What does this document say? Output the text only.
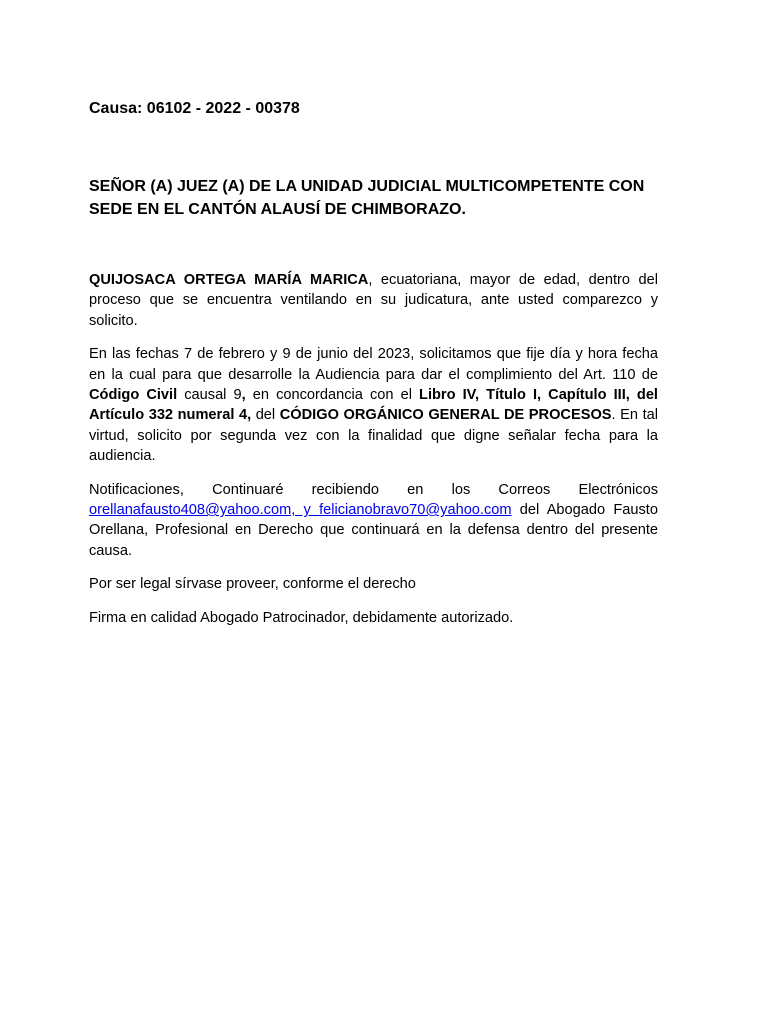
Causa: 06102 - 2022 - 00378

SEÑOR (A) JUEZ (A) DE LA UNIDAD JUDICIAL MULTICOMPETENTE CON SEDE EN EL CANTÓN ALAUSÍ DE CHIMBORAZO.

QUIJOSACA ORTEGA MARÍA MARICA, ecuatoriana, mayor de edad, dentro del proceso que se encuentra ventilando en su judicatura, ante usted comparezco y solicito.

En las fechas 7 de febrero y 9 de junio del 2023, solicitamos que fije día y hora fecha en la cual para que desarrolle la Audiencia para dar el complimiento del Art. 110 de Código Civil causal 9, en concordancia con el Libro IV, Título I, Capítulo III, del Artículo 332 numeral 4, del CÓDIGO ORGÁNICO GENERAL DE PROCESOS. En tal virtud, solicito por segunda vez con la finalidad que digne señalar fecha para la audiencia.

Notificaciones, Continuaré recibiendo en los Correos Electrónicos orellanafausto408@yahoo.com, y felicianobravo70@yahoo.com del Abogado Fausto Orellana, Profesional en Derecho que continuará en la defensa dentro del presente causa.

Por ser legal sírvase proveer, conforme el derecho

Firma en calidad Abogado Patrocinador, debidamente autorizado.
